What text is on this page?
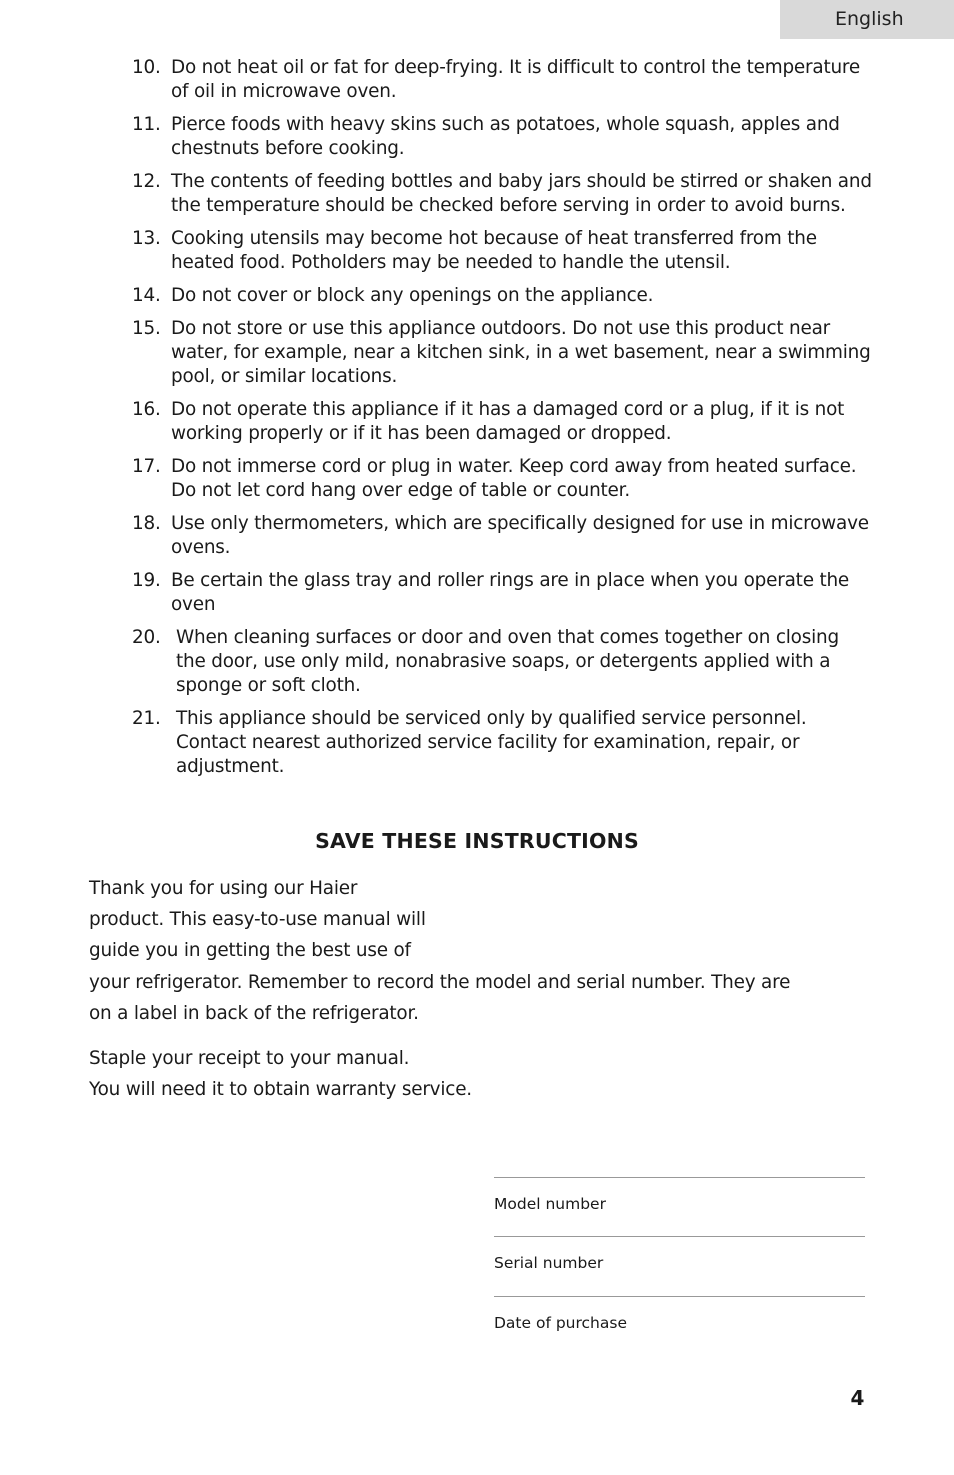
English
10. Do not heat oil or fat for deep-frying. It is difficult to control the temperature of oil in microwave oven.
11. Pierce foods with heavy skins such as potatoes, whole squash, apples and chestnuts before cooking.
12. The contents of feeding bottles and baby jars should be stirred or shaken and the temperature should be checked before serving in order to avoid burns.
13. Cooking utensils may become hot because of heat transferred from the heated food. Potholders may be needed to handle the utensil.
14. Do not cover or block any openings on the appliance.
15. Do not store or use this appliance outdoors. Do not use this product near water, for example, near a kitchen sink, in a wet basement, near a swimming pool, or similar locations.
16. Do not operate this appliance if it has a damaged cord or a plug, if it is not working properly or if it has been damaged or dropped.
17. Do not immerse cord or plug in water. Keep cord away from heated surface. Do not let cord hang over edge of table or counter.
18. Use only thermometers, which are specifically designed for use in microwave ovens.
19. Be certain the glass tray and roller rings are in place when you operate the oven
20. When cleaning surfaces or door and oven that comes together on closing the door, use only mild, nonabrasive soaps, or detergents applied with a sponge or soft cloth.
21. This appliance should be serviced only by qualified service personnel. Contact nearest authorized service facility for examination, repair, or adjustment.
SAVE THESE INSTRUCTIONS
Thank you for using our Haier
product. This easy-to-use manual will
guide you in getting the best use of
your refrigerator. Remember to record the model and serial number. They are
on a label in back of the refrigerator.
Staple your receipt to your manual.
You will need it to obtain warranty service.
Model number
Serial number
Date of purchase
4
